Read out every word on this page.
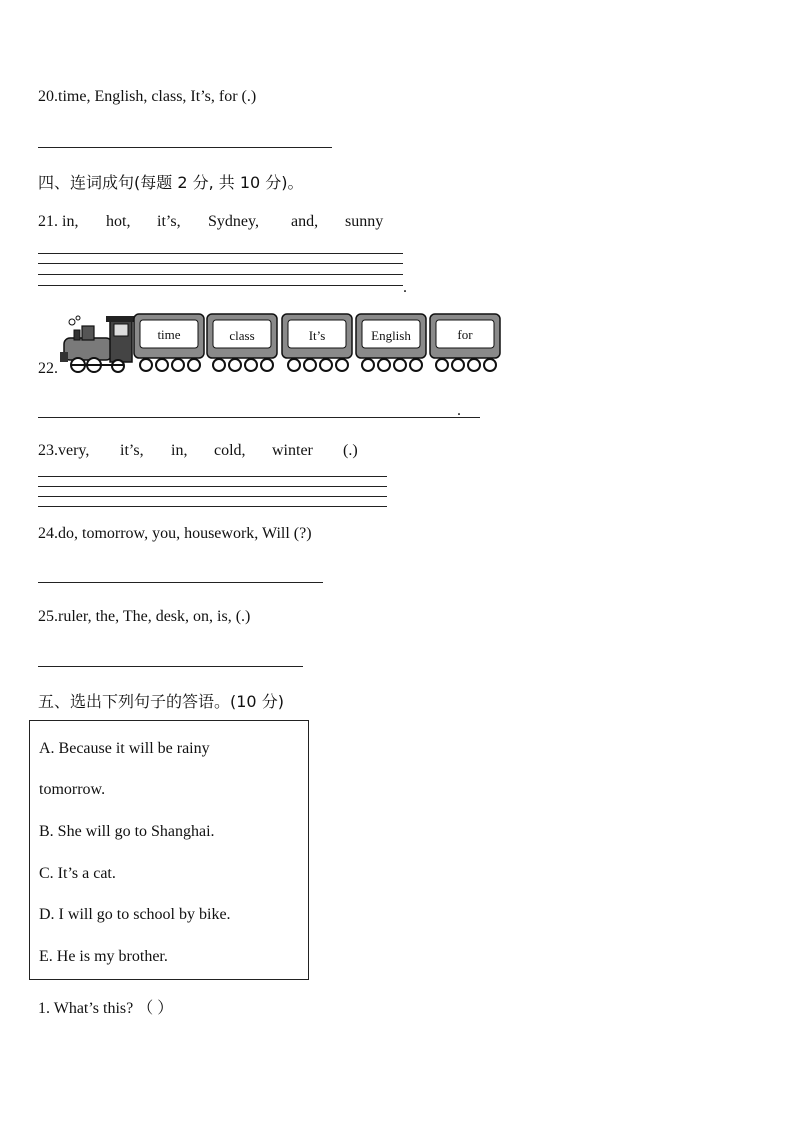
20.time, English, class, It’s, for (.)
四、连词成句(每题 2 分, 共 10 分)。
21. in, hot, it’s, Sydney, and, sunny
.
22.
time	class	It’s	English	for
.
23.very, it’s, in, cold, winter (.)
24.do, tomorrow, you, housework, Will (?)
25.ruler, the, The, desk, on, is, (.)
五、选出下列句子的答语。(10 分)
A. Because it will be rainy
tomorrow.
B. She will go to Shanghai.
C. It’s a cat.
D. I will go to school by bike.
E. He is my brother.
1. What’s this? （ ）
